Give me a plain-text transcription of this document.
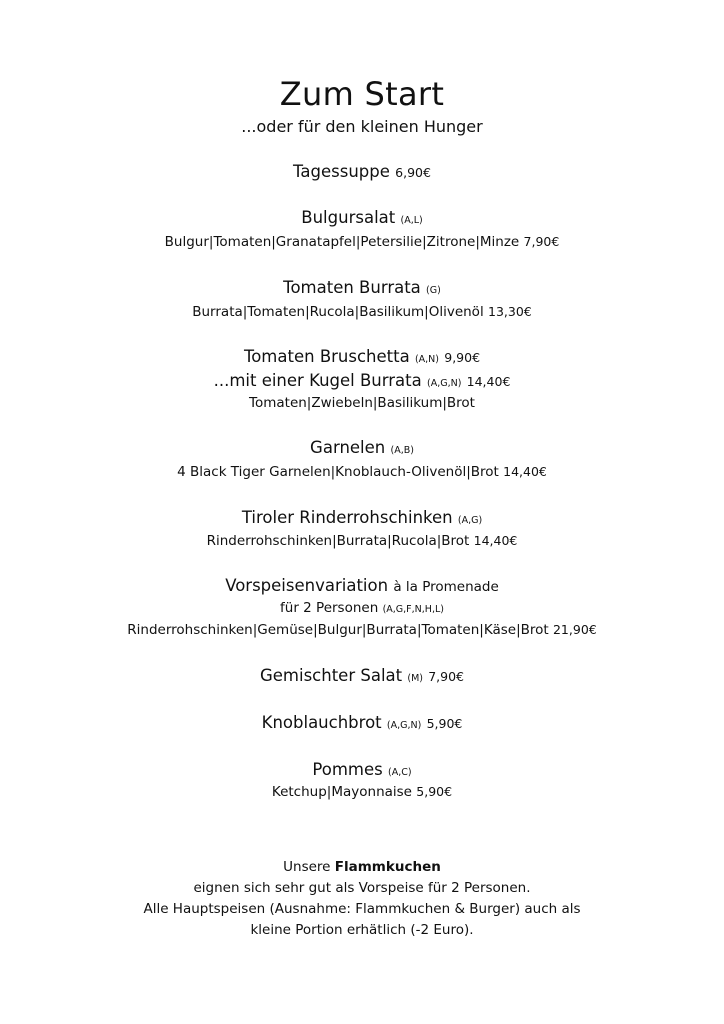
Zum Start
...oder für den kleinen Hunger
Tagessuppe 6,90€
Bulgursalat (A,L)
Bulgur|Tomaten|Granatapfel|Petersilie|Zitrone|Minze 7,90€
Tomaten Burrata (G)
Burrata|Tomaten|Rucola|Basilikum|Olivenöl 13,30€
Tomaten Bruschetta (A,N) 9,90€
...mit einer Kugel Burrata (A,G,N) 14,40€
Tomaten|Zwiebeln|Basilikum|Brot
Garnelen (A,B)
4 Black Tiger Garnelen|Knoblauch-Olivenöl|Brot 14,40€
Tiroler Rinderrohschinken (A,G)
Rinderrohschinken|Burrata|Rucola|Brot 14,40€
Vorspeisenvariation à la Promenade
für 2 Personen (A,G,F,N,H,L)
Rinderrohschinken|Gemüse|Bulgur|Burrata|Tomaten|Käse|Brot 21,90€
Gemischter Salat (M) 7,90€
Knoblauchbrot (A,G,N) 5,90€
Pommes (A,C)
Ketchup|Mayonnaise 5,90€
Unsere Flammkuchen
eignen sich sehr gut als Vorspeise für 2 Personen.
Alle Hauptspeisen (Ausnahme: Flammkuchen & Burger) auch als
kleine Portion erhätlich (-2 Euro).
